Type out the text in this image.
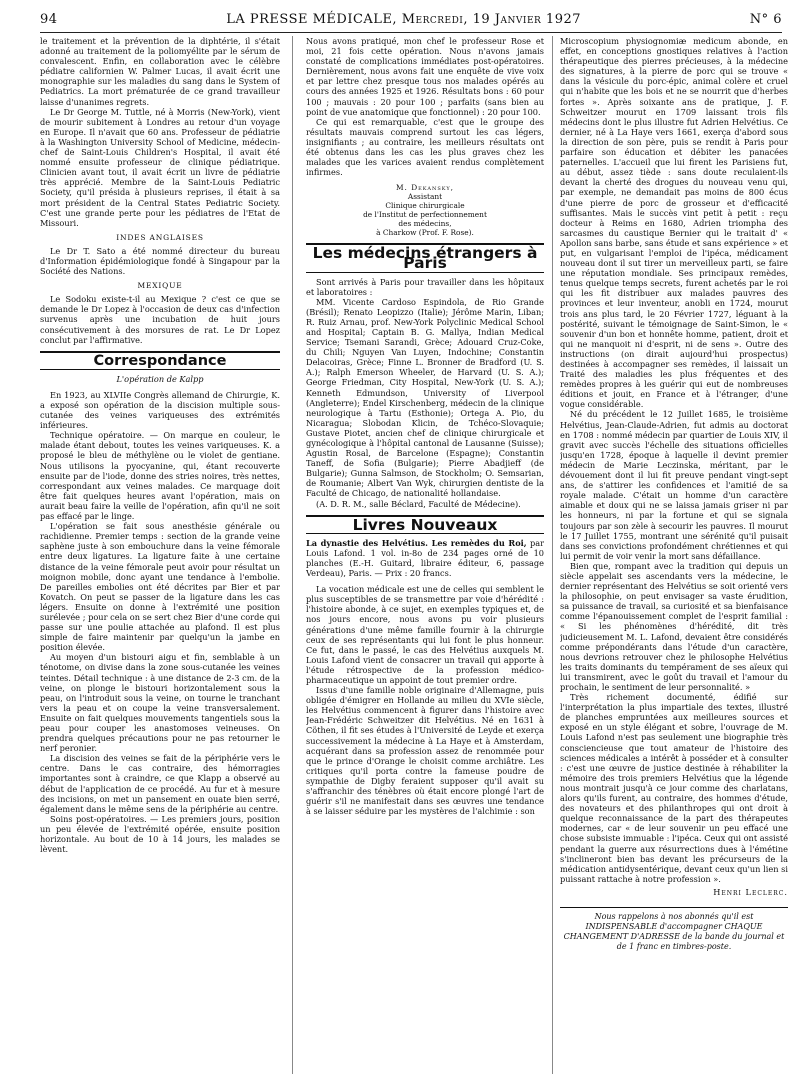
94	LA PRESSE MÉDICALE, Mercredi, 19 Janvier 1927	N° 6

le traitement et la prévention de la diphtérie, il s'était adonné au traitement de la poliomyélite par le sérum de convalescent. Enfin, en collaboration avec le célèbre pédiatre californien W. Palmer Lucas, il avait écrit une monographie sur les maladies du sang dans le System of Pediatrics. La mort prématurée de ce grand travailleur laisse d'unanimes regrets.

Le Dr George M. Tuttle, né à Morris (New-York), vient de mourir subitement à Londres au retour d'un voyage en Europe. Il n'avait que 60 ans. Professeur de pédiatrie à la Washington University School of Medicine, médecin-chef de Saint-Louis Children's Hospital, il avait été nommé ensuite professeur de clinique pédiatrique. Clinicien avant tout, il avait écrit un livre de pédiatrie très apprécié. Membre de la Saint-Louis Pediatric Society, qu'il présida à plusieurs reprises, il était à sa mort président de la Central States Pediatric Society. C'est une grande perte pour les pédiatres de l'Etat de Missouri.

INDES ANGLAISES

Le Dr T. Sato a été nommé directeur du bureau d'Information épidémiologique fondé à Singapour par la Société des Nations.

MEXIQUE

Le Sodoku existe-t-il au Mexique ? c'est ce que se demande le Dr Lopez à l'occasion de deux cas d'infection survenus après une incubation de huit jours consécutivement à des morsures de rat. Le Dr Lopez conclut par l'affirmative.

Correspondance
L'opération de Kalpp

En 1923, au XLVIIe Congrès allemand de Chirurgie, K. a exposé son opération de la discision multiple sous-cutanée des veines variqueuses des extrémités inférieures.

Technique opératoire. — On marque en couleur, le malade étant debout, toutes les veines variqueuses. K. a proposé le bleu de méthylène ou le violet de gentiane. Nous utilisons la pyocyanine, qui, étant recouverte ensuite par de l'iode, donne des stries noires, très nettes, correspondant aux veines malades. Ce marquage doit être fait quelques heures avant l'opération, mais on aurait beau faire la veille de l'opération, afin qu'il ne soit pas effacé par le linge.

L'opération se fait sous anesthésie générale ou rachidienne. Premier temps : section de la grande veine saphène juste à son embouchure dans la veine fémorale entre deux ligatures. La ligature faite à une certaine distance de la veine fémorale peut avoir pour résultat un moignon mobile, donc ayant une tendance à l'embolie. De pareilles embolies ont été décrites par Bier et par Kovatch. On peut se passer de la ligature dans les cas légers. Ensuite on donne à l'extrémité une position surélevée ; pour cela on se sert chez Bier d'une corde qui passe sur une poulie attachée au plafond. Il est plus simple de faire maintenir par quelqu'un la jambe en position élevée.

Au moyen d'un bistouri aigu et fin, semblable à un ténotome, on divise dans la zone sous-cutanée les veines teintes. Détail technique : à une distance de 2-3 cm. de la veine, on plonge le bistouri horizontalement sous la peau, on l'introduit sous la veine, on tourne le tranchant vers la peau et on coupe la veine transversalement. Ensuite on fait quelques mouvements tangentiels sous la peau pour couper les anastomoses veineuses. On prendra quelques précautions pour ne pas retourner le nerf peronier.

La discision des veines se fait de la périphérie vers le centre. Dans le cas contraire, des hémorragies importantes sont à craindre, ce que Klapp a observé au début de l'application de ce procédé. Au fur et à mesure des incisions, on met un pansement en ouate bien serré, également dans le même sens de la périphérie au centre.

Soins post-opératoires. — Les premiers jours, position un peu élevée de l'extrémité opérée, ensuite position horizontale. Au bout de 10 à 14 jours, les malades se lèvent.

Nous avons pratiqué, mon chef le professeur Rose et moi, 21 fois cette opération. Nous n'avons jamais constaté de complications immédiates post-opératoires. Dernièrement, nous avons fait une enquête de vive voix et par lettre chez presque tous nos malades opérés au cours des années 1925 et 1926. Résultats bons : 60 pour 100 ; mauvais : 20 pour 100 ; parfaits (sans bien au point de vue anatomique que fonctionnel) : 20 pour 100.

Ce qui est remarquable, c'est que le groupe des résultats mauvais comprend surtout les cas légers, insignifiants ; au contraire, les meilleurs résultats ont été obtenus dans les cas les plus graves chez les malades que les varices avaient rendus complètement infirmes.

M. Dekansky,
Assistant
Clinique chirurgicale
de l'Institut de perfectionnement
des médecins,
à Charkow (Prof. F. Rose).
Les médecins étrangers à Paris

Sont arrivés à Paris pour travailler dans les hôpitaux et laboratoires :

MM. Vicente Cardoso Espindola, de Rio Grande (Brésil); Renato Leopizzo (Italie); Jérôme Marin, Liban; R. Ruiz Arnau, prof. New-York Polyclinic Medical School and Hospital; Captain B. G. Mallya, Indian Medical Service; Tsemani Sarandi, Grèce; Adouard Cruz-Coke, du Chili; Nguyen Van Luyen, Indochine; Constantin Delacoiras, Grèce; Finne L. Bronner de Bradford (U. S. A.); Ralph Emerson Wheeler, de Harvard (U. S. A.); George Friedman, City Hospital, New-York (U. S. A.); Kenneth Edmundson, University of Liverpool (Angleterre); Endel Kirschenberg, médecin de la clinique neurologique à Tartu (Esthonie); Ortega A. Pio, du Nicaragua; Slobodan Klicin, de Tchéco-Slovaquie; Gustave Piotet, ancien chef de clinique chirurgicale et gynécologique à l'hôpital cantonal de Lausanne (Suisse); Agustin Rosal, de Barcelone (Espagne); Constantin Taneff, de Sofia (Bulgarie); Pierre Abadjieff (de Bulgarie); Gunna Salmson, de Stockholm; O. Semsarian, de Roumanie; Albert Van Wyk, chirurgien dentiste de la Faculté de Chicago, de nationalité hollandaise.

(A. D. R. M., salle Béclard, Faculté de Médecine).

Livres Nouveaux

La dynastie des Helvétius. Les remèdes du Roi, par Louis Lafond. 1 vol. in-8o de 234 pages orné de 10 planches (E.-H. Guitard, libraire éditeur, 6, passage Verdeau), Paris. — Prix : 20 francs.

La vocation médicale est une de celles qui semblent le plus susceptibles de se transmettre par voie d'hérédité : l'histoire abonde, à ce sujet, en exemples typiques et, de nos jours encore, nous avons pu voir plusieurs générations d'une même famille fournir à la chirurgie ceux de ses représentants qui lui font le plus honneur. Ce fut, dans le passé, le cas des Helvétius auxquels M. Louis Lafond vient de consacrer un travail qui apporte à l'étude rétrospective de la profession médico-pharmaceutique un appoint de tout premier ordre.

Issus d'une famille noble originaire d'Allemagne, puis obligée d'émigrer en Hollande au milieu du XVIe siècle, les Helvétius commencent à figurer dans l'histoire avec Jean-Frédéric Schweitzer dit Helvétius. Né en 1631 à Cöthen, il fit ses études à l'Université de Leyde et exerça successivement la médecine à La Haye et à Amsterdam, acquérant dans sa profession assez de renommée pour que le prince d'Orange le choisit comme archiâtre. Les critiques qu'il porta contre la fameuse poudre de sympathie de Digby feraient supposer qu'il avait su s'affranchir des ténèbres où était encore plongé l'art de guérir s'il ne manifestait dans ses œuvres une tendance à se laisser séduire par les mystères de l'alchimie : son

Microscopium physiognomiæ medicum abonde, en effet, en conceptions gnostiques relatives à l'action thérapeutique des pierres précieuses, à la médecine des signatures, à la pierre de porc qui se trouve « dans la vésicule du porc-épic, animal colère et cruel qui n'habite que les bois et ne se nourrit que d'herbes fortes ». Après soixante ans de pratique, J. F. Schweitzer mourut en 1709 laissant trois fils médecins dont le plus illustre fut Adrien Helvétius. Ce dernier, né à La Haye vers 1661, exerça d'abord sous la direction de son père, puis se rendit à Paris pour parfaire son éducation et débiter les panacées paternelles. L'accueil que lui firent les Parisiens fut, au début, assez tiède : sans doute reculaient-ils devant la cherté des drogues du nouveau venu qui, par exemple, ne demandait pas moins de 800 écus d'une pierre de porc de grosseur et d'efficacité suffisantes. Mais le succès vint petit à petit : reçu docteur à Reims en 1680, Adrien triompha des sarcasmes du caustique Bernier qui le traitait d' « Apollon sans barbe, sans étude et sans expérience » et put, en vulgarisant l'emploi de l'ipéca, médicament nouveau dont il sut tirer un merveilleux parti, se faire une réputation mondiale. Ses principaux remèdes, tenus quelque temps secrets, furent achetés par le roi qui les fit distribuer aux malades pauvres des provinces et leur inventeur, anobli en 1724, mourut trois ans plus tard, le 20 Février 1727, léguant à la postérité, suivant le témoignage de Saint-Simon, le « souvenir d'un bon et honnête homme, patient, droit et qui ne manquoit ni d'esprit, ni de sens ». Outre des instructions (on dirait aujourd'hui prospectus) destinées à accompagner ses remèdes, il laissait un Traité des maladies les plus fréquentes et des remèdes propres à les guérir qui eut de nombreuses éditions et jouit, en France et à l'étranger, d'une vogue considérable.

Né du précédent le 12 Juillet 1685, le troisième Helvétius, Jean-Claude-Adrien, fut admis au doctorat en 1708 : nommé médecin par quartier de Louis XIV, il gravit avec succès l'échelle des situations officielles jusqu'en 1728, époque à laquelle il devint premier médecin de Marie Leczinska, méritant, par le dévouement dont il lui fit preuve pendant vingt-sept ans, de s'attirer les confidences et l'amitié de sa royale malade. C'était un homme d'un caractère aimable et doux qui ne se laissa jamais griser ni par les honneurs, ni par la fortune et qui se signala toujours par son zèle à secourir les pauvres. Il mourut le 17 Juillet 1755, montrant une sérénité qu'il puisait dans ses convictions profondément chrétiennes et qui lui permit de voir venir la mort sans défaillance.

Bien que, rompant avec la tradition qui depuis un siècle appelait ses ascendants vers la médecine, le dernier représentant des Helvétius se soit orienté vers la philosophie, on peut envisager sa vaste érudition, sa puissance de travail, sa curiosité et sa bienfaisance comme l'épanouissement complet de l'esprit familial : « Si les phénomènes d'hérédité, dit très judicieusement M. L. Lafond, devaient être considérés comme prépondérants dans l'étude d'un caractère, nous devrions retrouver chez le philosophe Helvétius les traits dominants du tempérament de ses aïeux qui lui transmirent, avec le goût du travail et l'amour du prochain, le sentiment de leur personnalité. »

Très richement documenté, édifié sur l'interprétation la plus impartiale des textes, illustré de planches empruntées aux meilleures sources et exposé en un style élégant et sobre, l'ouvrage de M. Louis Lafond n'est pas seulement une biographie très consciencieuse que tout amateur de l'histoire des sciences médicales a intérêt à posséder et à consulter : c'est une œuvre de justice destinée à réhabiliter la mémoire des trois premiers Helvétius que la légende nous montrait jusqu'à ce jour comme des charlatans, alors qu'ils furent, au contraire, des hommes d'étude, des novateurs et des philanthropes qui ont droit à quelque reconnaissance de la part des thérapeutes modernes, car « de leur souvenir un peu effacé une chose subsiste immuable : l'ipéca. Ceux qui ont assisté pendant la guerre aux résurrections dues à l'émétine s'inclineront bien bas devant les précurseurs de la médication antidysentérique, devant ceux qu'un lien si puissant rattache à notre profession ».

Henri Leclerc.
Nous rappelons à nos abonnés qu'il est INDISPENSABLE d'accompagner CHAQUE CHANGEMENT D'ADRESSE de la bande du journal et de 1 franc en timbres-poste.
